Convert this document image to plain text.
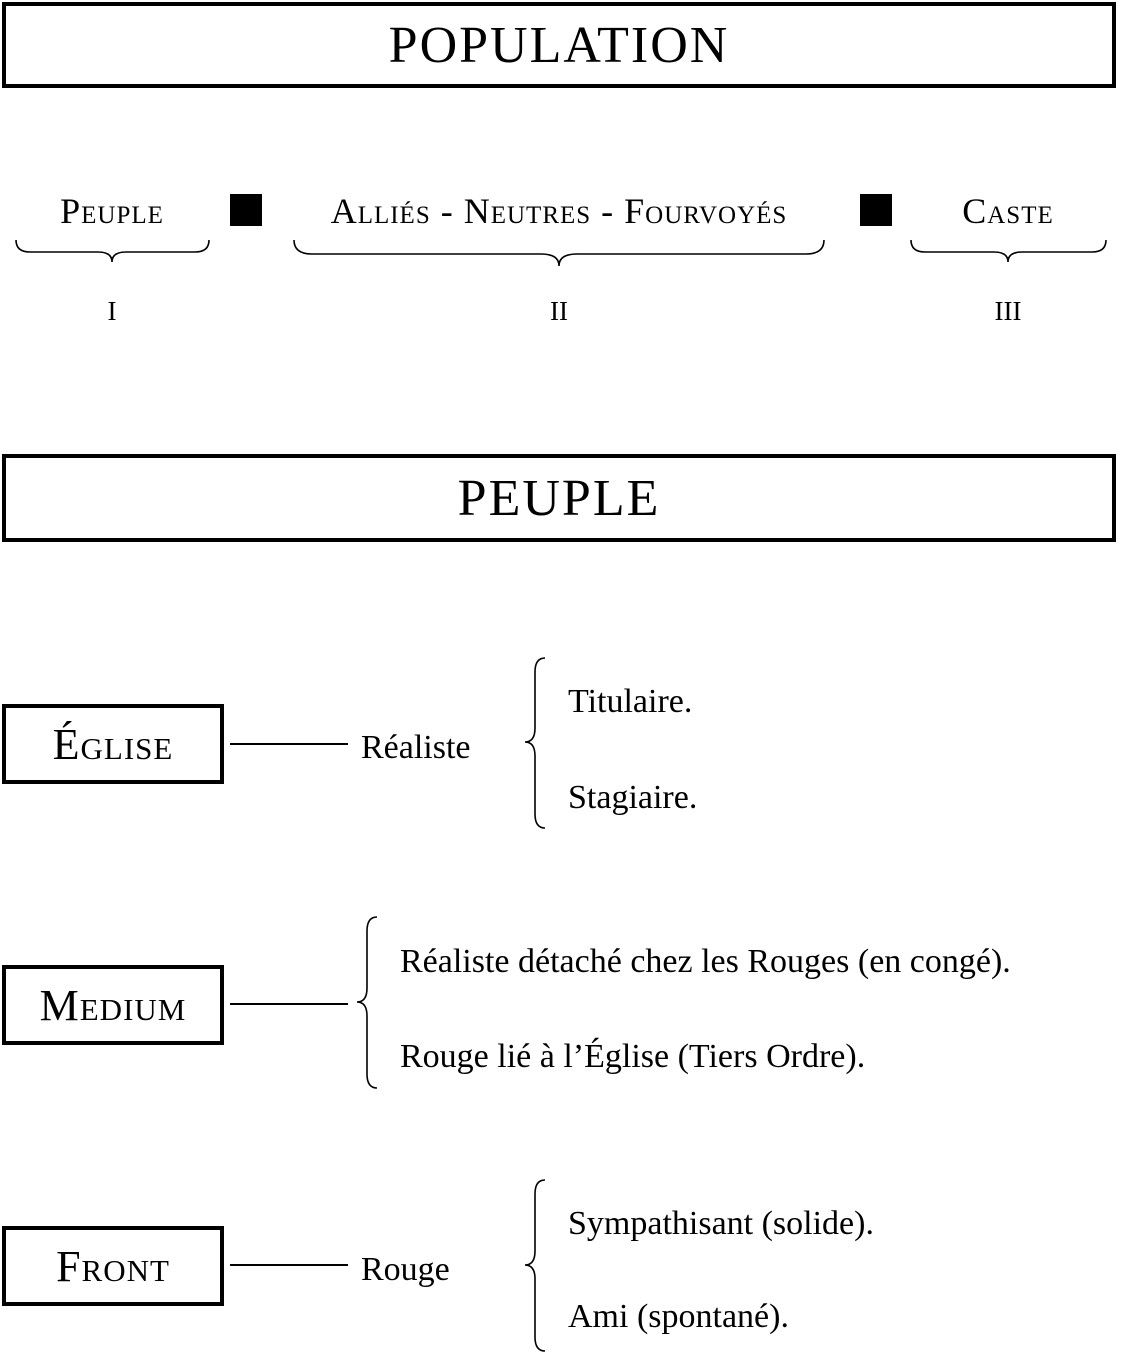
POPULATION
Peuple	Alliés - Neutres - Fourvoyés	Caste
I	II	III
PEUPLE
Église	Réaliste
Titulaire.
Stagiaire.
Medium
Réaliste détaché chez les Rouges (en congé).
Rouge lié à l’Église (Tiers Ordre).
Front	Rouge
Sympathisant (solide).
Ami (spontané).
